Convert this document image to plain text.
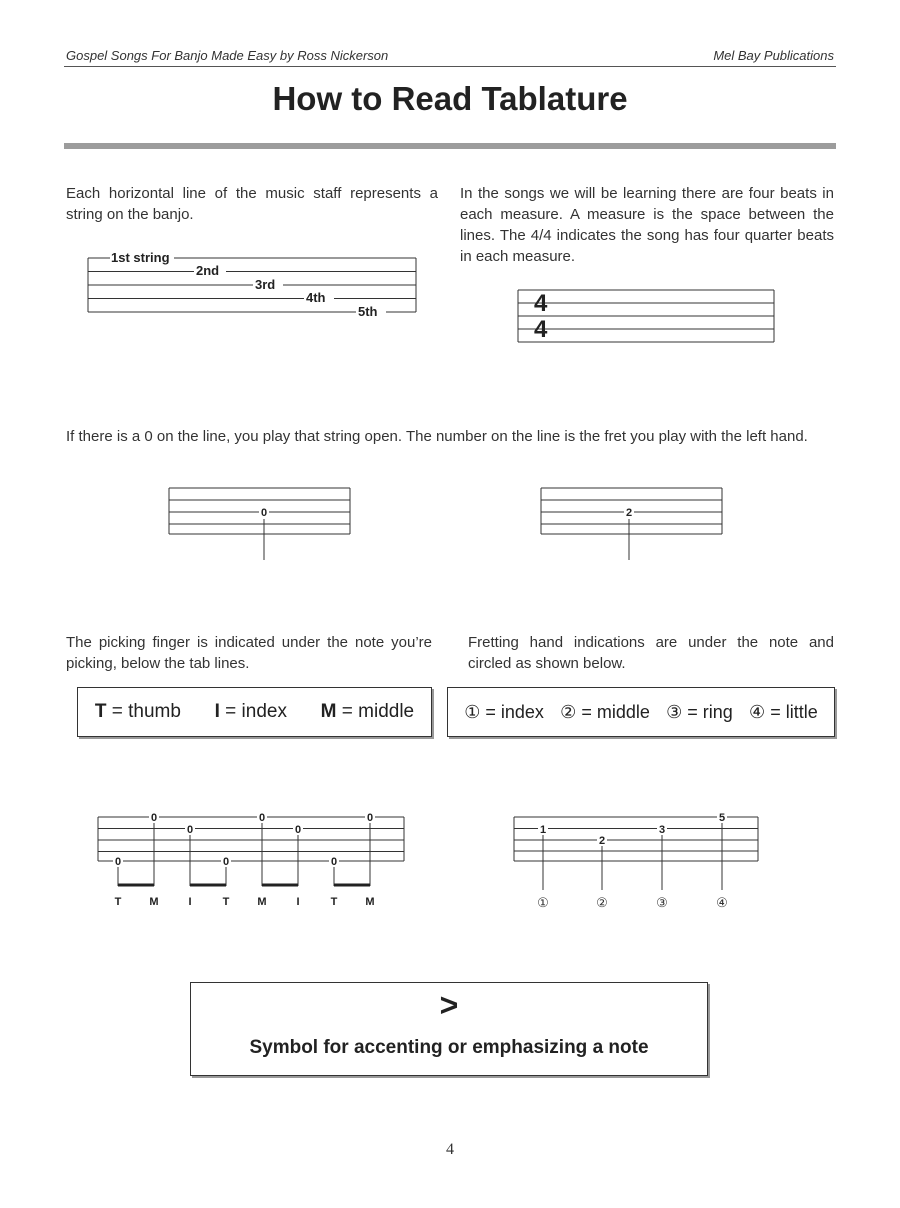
Gospel Songs For Banjo Made Easy by Ross Nickerson	Mel Bay Publications
How to Read Tablature
Each horizontal line of the music staff represents a string on the banjo.
In the songs we will be learning there are four beats in each measure. A measure is the space between the lines. The 4/4 indicates the song has four quarter beats in each measure.
1st string
2nd
3rd
4th
5th	4
4
If there is a 0 on the line, you play that string open. The number on the line is the fret you play with the left hand.
0	2
The picking finger is indicated under the note you’re picking, below the tab lines.
Fretting hand indications are under the note and circled as shown below.
T = thumb I = index M = middle	① = index ② = middle ③ = ring ④ = little
0
0
0
0
0
0
0
0
T	M	I	T	M	I	T	M
1
2
3
5
①	②	③	④
>
Symbol for accenting or emphasizing a note
4
